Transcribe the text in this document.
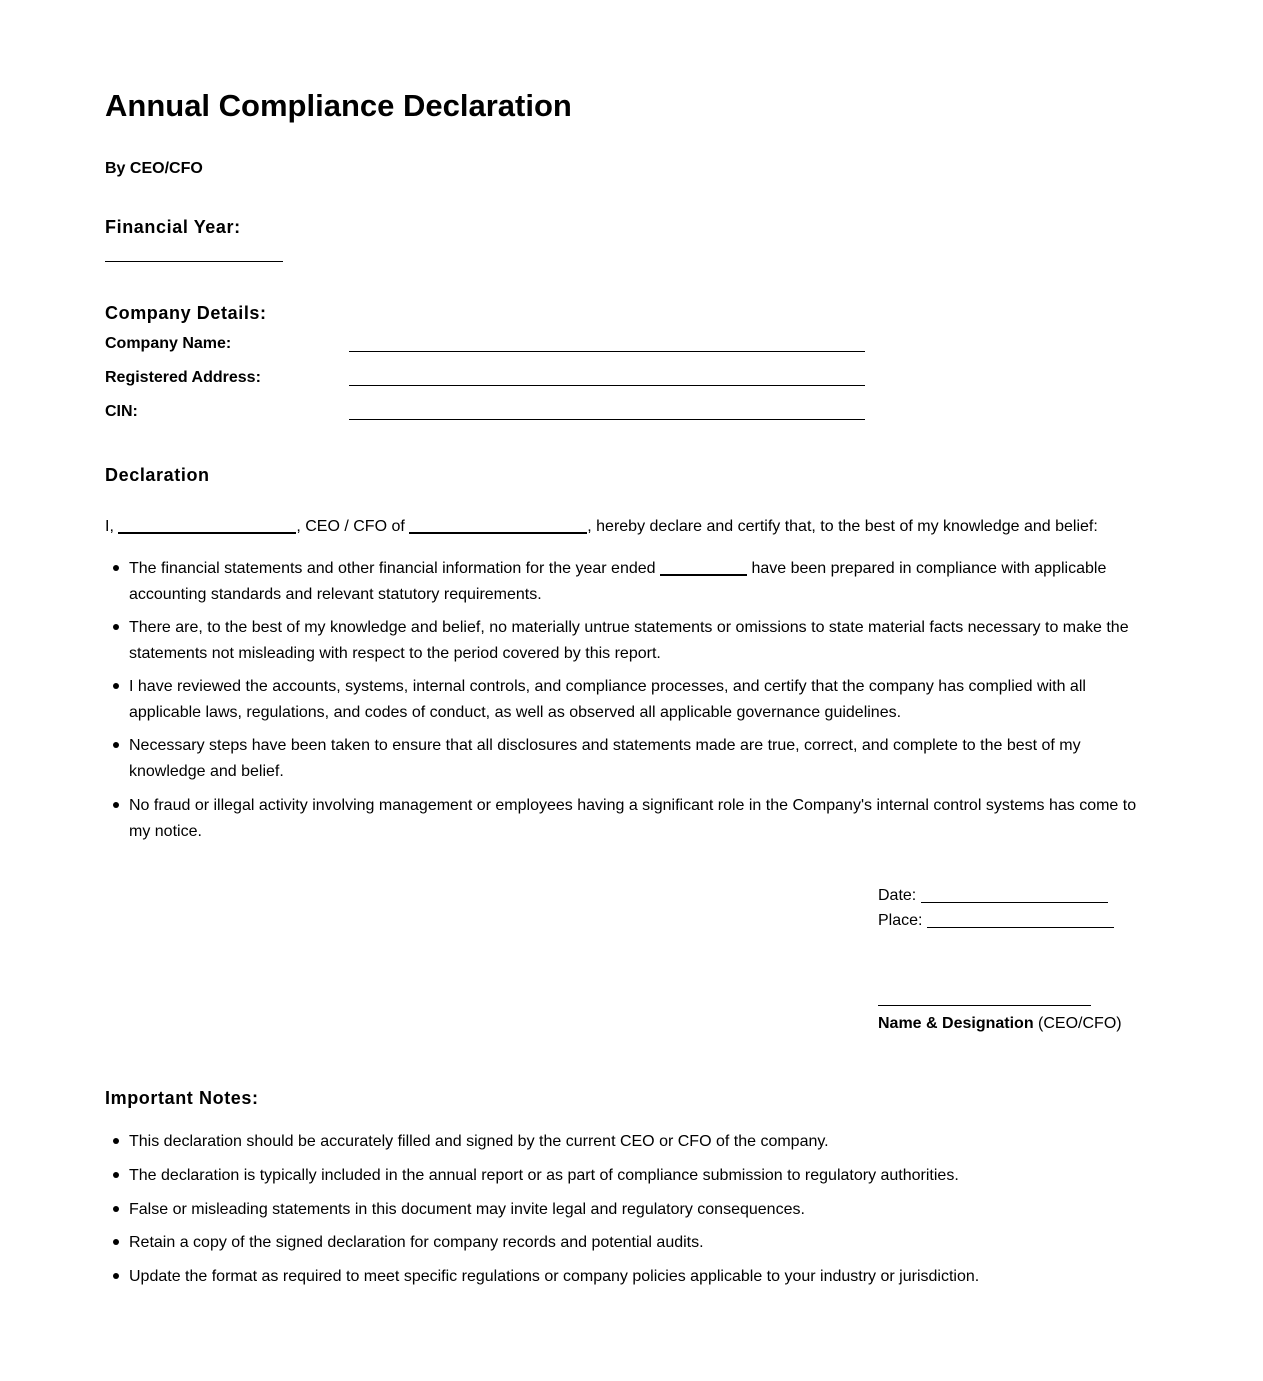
Annual Compliance Declaration
By CEO/CFO
Financial Year:
Company Details:
Company Name:
Registered Address:
CIN:
Declaration
I,	, CEO / CFO of	, hereby declare and certify that, to the best of my knowledge and belief:
The financial statements and other financial information for the year ended	have been prepared in compliance with applicable accounting standards and relevant statutory requirements.
There are, to the best of my knowledge and belief, no materially untrue statements or omissions to state material facts necessary to make the statements not misleading with respect to the period covered by this report.
I have reviewed the accounts, systems, internal controls, and compliance processes, and certify that the company has complied with all applicable laws, regulations, and codes of conduct, as well as observed all applicable governance guidelines.
Necessary steps have been taken to ensure that all disclosures and statements made are true, correct, and complete to the best of my knowledge and belief.
No fraud or illegal activity involving management or employees having a significant role in the Company's internal control systems has come to my notice.
Date:
Place:
Name & Designation (CEO/CFO)
Important Notes:
This declaration should be accurately filled and signed by the current CEO or CFO of the company.
The declaration is typically included in the annual report or as part of compliance submission to regulatory authorities.
False or misleading statements in this document may invite legal and regulatory consequences.
Retain a copy of the signed declaration for company records and potential audits.
Update the format as required to meet specific regulations or company policies applicable to your industry or jurisdiction.
